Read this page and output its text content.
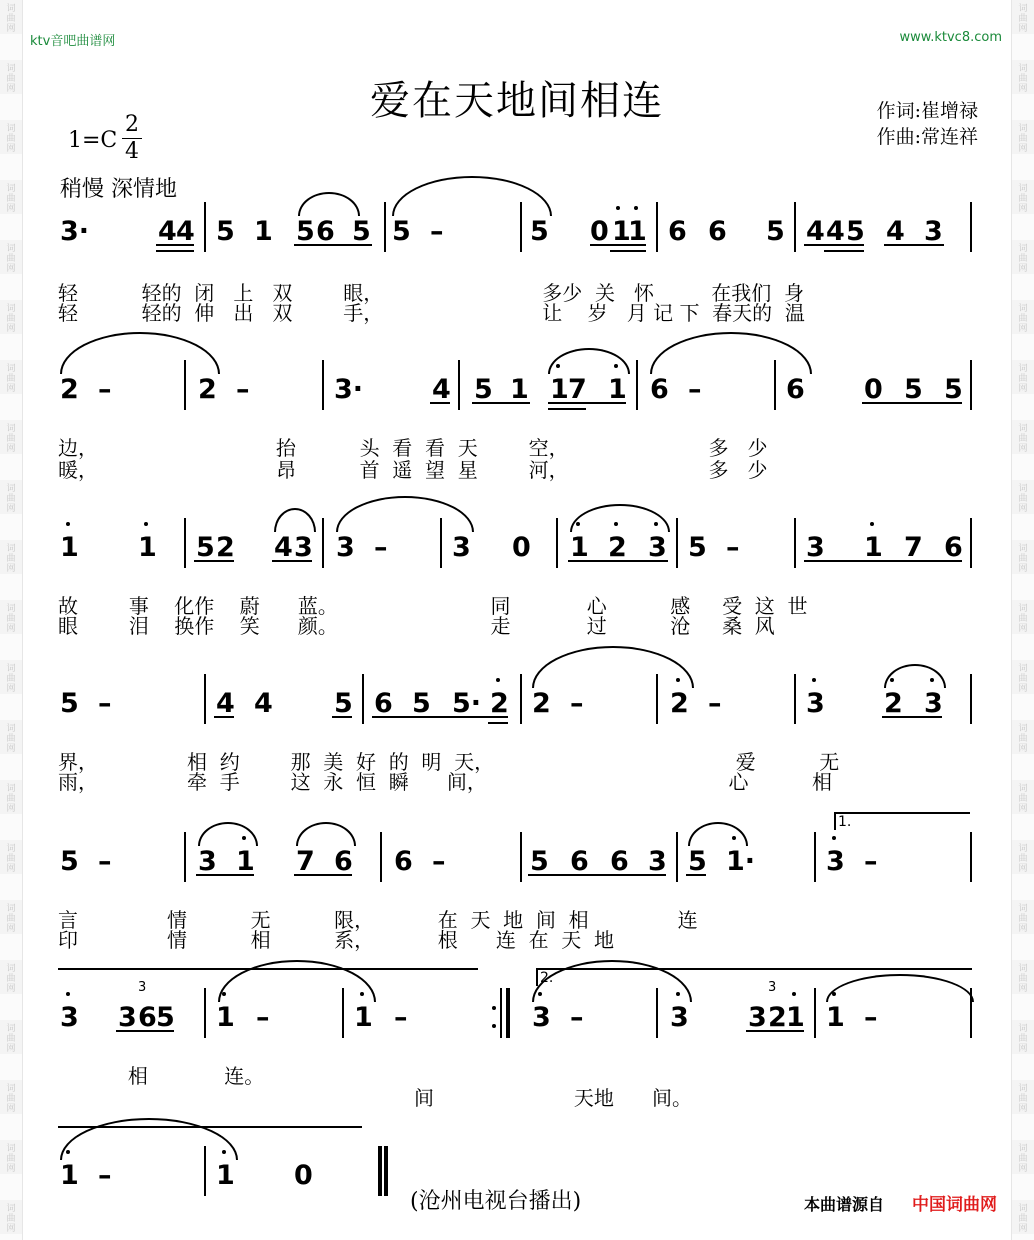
词曲网
词曲网
词曲网
词曲网
词曲网
词曲网
词曲网
词曲网
词曲网
词曲网
词曲网
词曲网
词曲网
词曲网
词曲网
词曲网
词曲网
词曲网
词曲网
词曲网
词曲网
词曲网
词曲网
词曲网
词曲网
词曲网
词曲网
词曲网
词曲网
词曲网
词曲网
词曲网
词曲网
词曲网
词曲网
词曲网
词曲网
词曲网
词曲网
词曲网
词曲网
词曲网
ktv音吧曲谱网	www.ktvc8.com
爱在天地间相连	作词:崔增禄
作曲:常连祥
1=C
2
4
稍慢 深情地
轻          轻的  闭   上   双        眼，                         多少  关   怀         在我们  身
轻          轻的  伸   出   双        手，                         让    岁   月 记 下  春天的  温
边，                            抬          头  看  看  天        空，                      多   少
暖，                            昂          首  遥  望  星        河，                      多   少
故        事    化作    蔚      蓝。                        同            心          感     受  这  世
眼        泪    换作    笑      颜。                        走            过          沧     桑  风
界，              相  约        那  美  好  的  明  天，                                      爱          无
雨，              牵  手        这  永  恒  瞬      间，                                      心          相
言              情          无          限，          在  天  地  间  相              连
印              情          相          系，          根      连  在  天  地
相            连。
间                      天地      间。
3·	4 4 5 1 5 6 5 5 –	5 0 1
1 6 6 5 4 4 5 4 3
2 –	2 –	3·	4 5 1 1 7 1 6 –	6 0 5 5
1 1 5 2 4 3 3 – 3 0 1 2 3 5 – 3 1 7 6
5 –	4 4 5 6 5 5· 2 2 –	2 –	3 2 3
5 –	3 1 7 6 6 –	5 6 6 3 5 1·	3 –
3 3 6 5 1 –	1 –	3 –	3 3 2 1 1 –
1 –	1 0
1.
2.
3	3
(沧州电视台播出)	本曲谱源自 中国词曲网
